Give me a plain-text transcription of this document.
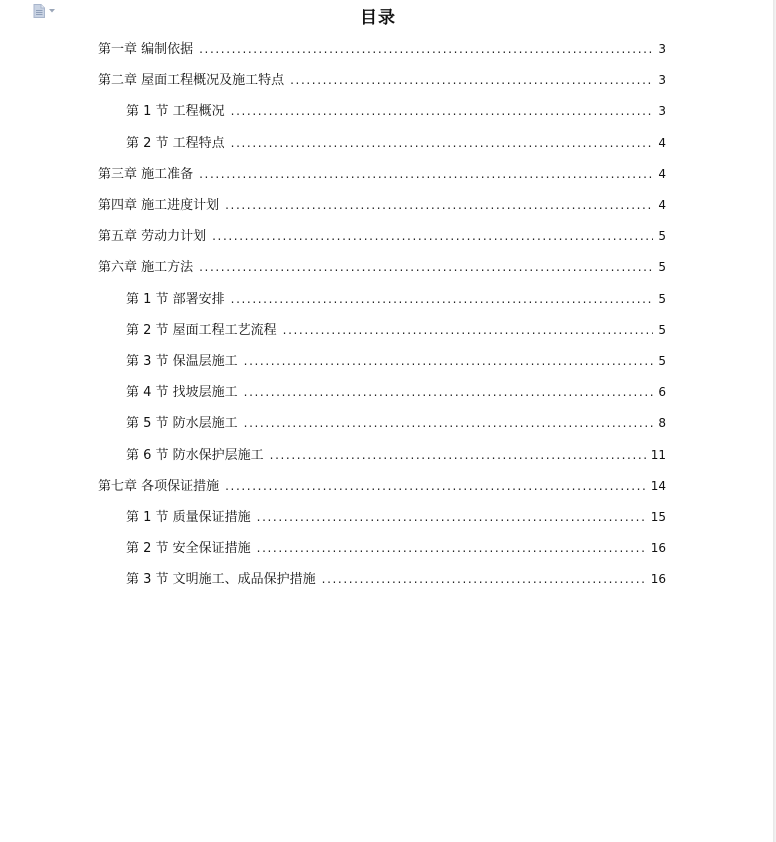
目录
第一章 编制依据 .....	3
第二章 屋面工程概况及施工特点 .....	3
第 1 节 工程概况 .....	3
第 2 节 工程特点 .....	4
第三章 施工准备 .....	4
第四章 施工进度计划 .....	4
第五章 劳动力计划 .....	5
第六章 施工方法 .....	5
第 1 节 部署安排 .....	5
第 2 节 屋面工程工艺流程 .....	5
第 3 节 保温层施工 .....	5
第 4 节 找坡层施工 .....	6
第 5 节 防水层施工 .....	8
第 6 节 防水保护层施工 .....	11
第七章 各项保证措施 .....	14
第 1 节 质量保证措施 .....	15
第 2 节 安全保证措施 .....	16
第 3 节 文明施工、成品保护措施 .....	16
